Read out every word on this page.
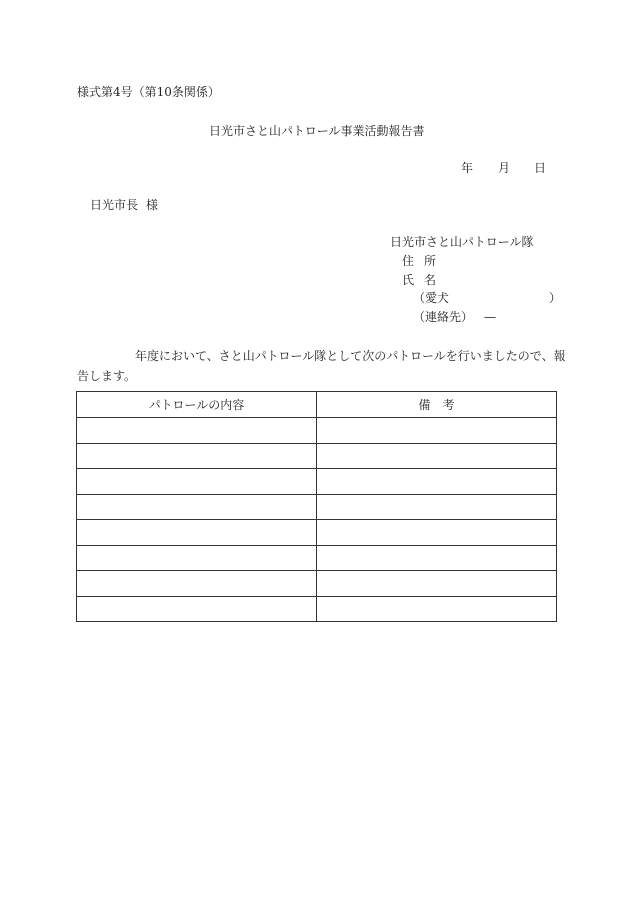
様式第4号（第10条関係）
日光市さと山パトロール事業活動報告書
年 月 日
日光市長 様
日光市さと山パトロール隊
住 所
氏 名
（愛犬	）
（連絡先） —
年度において、さと山パトロール隊として次のパトロールを行いましたので、報
告します。
パトロールの内容	備　考
